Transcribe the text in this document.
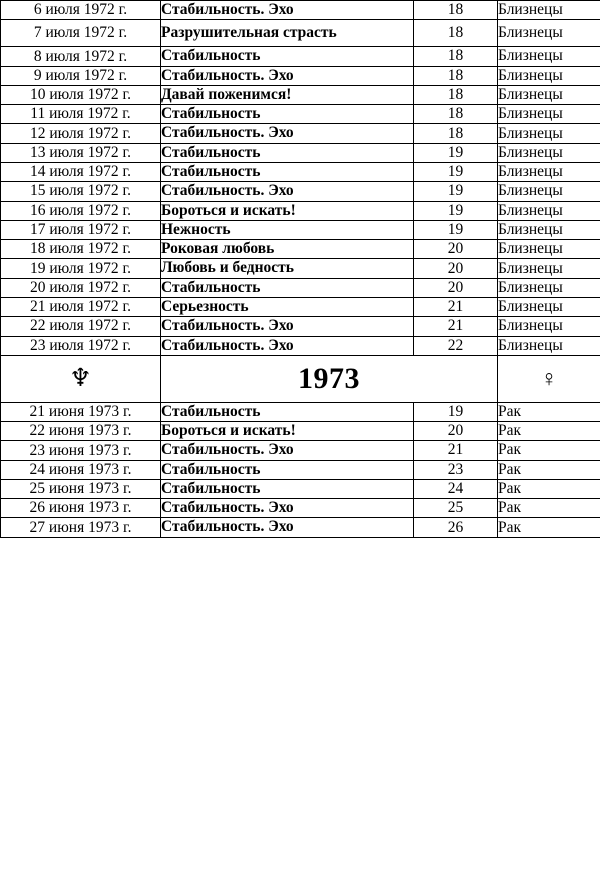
6 июля 1972 г.	Стабильность. Эхо	18	Близнецы
7 июля 1972 г.	Разрушительная страсть	18	Близнецы
8 июля 1972 г.	Стабильность	18	Близнецы
9 июля 1972 г.	Стабильность. Эхо	18	Близнецы
10 июля 1972 г.	Давай поженимся!	18	Близнецы
11 июля 1972 г.	Стабильность	18	Близнецы
12 июля 1972 г.	Стабильность. Эхо	18	Близнецы
13 июля 1972 г.	Стабильность	19	Близнецы
14 июля 1972 г.	Стабильность	19	Близнецы
15 июля 1972 г.	Стабильность. Эхо	19	Близнецы
16 июля 1972 г.	Бороться и искать!	19	Близнецы
17 июля 1972 г.	Нежность	19	Близнецы
18 июля 1972 г.	Роковая любовь	20	Близнецы
19 июля 1972 г.	Любовь и бедность	20	Близнецы
20 июля 1972 г.	Стабильность	20	Близнецы
21 июля 1972 г.	Серьезность	21	Близнецы
22 июля 1972 г.	Стабильность. Эхо	21	Близнецы
23 июля 1972 г.	Стабильность. Эхо	22	Близнецы

♆	1973		♀

21 июня 1973 г.	Стабильность	19	Рак
22 июня 1973 г.	Бороться и искать!	20	Рак
23 июня 1973 г.	Стабильность. Эхо	21	Рак
24 июня 1973 г.	Стабильность	23	Рак
25 июня 1973 г.	Стабильность	24	Рак
26 июня 1973 г.	Стабильность. Эхо	25	Рак
27 июня 1973 г.	Стабильность. Эхо	26	Рак
